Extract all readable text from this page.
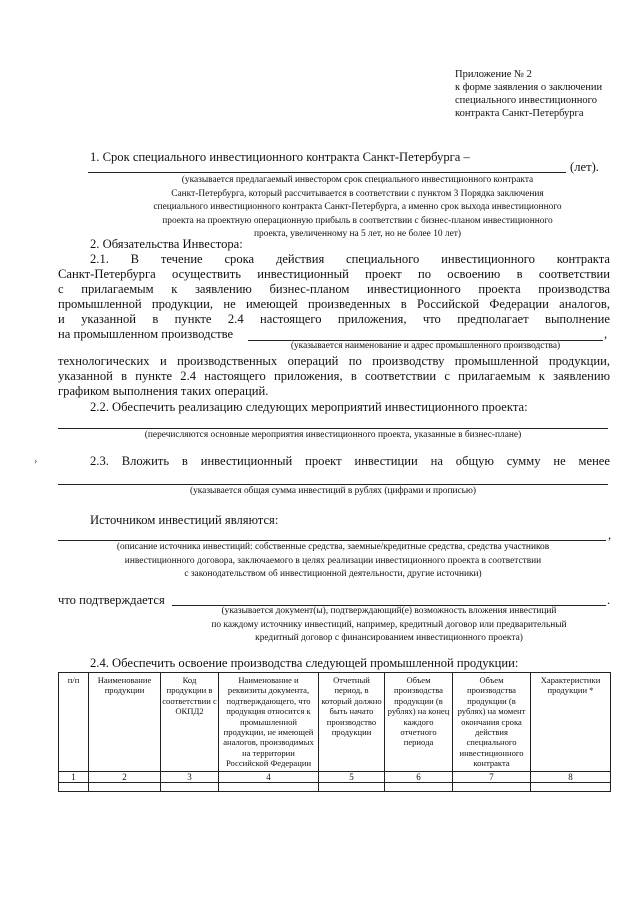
Приложение № 2
к форме заявления о заключении
специального инвестиционного
контракта Санкт-Петербурга
1. Срок специального инвестиционного контракта Санкт-Петербурга –
(лет).
(указывается предлагаемый инвестором срок специального инвестиционного контракта
Санкт-Петербурга, который рассчитывается в соответствии с пунктом 3 Порядка заключения
специального инвестиционного контракта Санкт-Петербурга, а именно срок выхода инвестиционного
проекта на проектную операционную прибыль в соответствии с бизнес-планом инвестиционного
проекта, увеличенному на 5 лет, но не более 10 лет)
2. Обязательства Инвестора:
2.1. В течение срока действия специального инвестиционного контракта
Санкт-Петербурга осуществить инвестиционный проект по освоению в соответствии
с прилагаемым к заявлению бизнес-планом инвестиционного проекта производства
промышленной продукции, не имеющей произведенных в Российской Федерации аналогов,
и указанной в пункте 2.4 настоящего приложения, что предполагает выполнение
на промышленном производстве	,
(указывается наименование и адрес промышленного производства)
технологических и производственных операций по производству промышленной продукции,
указанной в пункте 2.4 настоящего приложения, в соответствии с прилагаемым к заявлению
графиком выполнения таких операций.
2.2. Обеспечить реализацию следующих мероприятий инвестиционного проекта:
(перечисляются основные мероприятия инвестиционного проекта, указанные в бизнес-плане)
›	2.3. Вложить в инвестиционный проект инвестиции на общую сумму не менее
(указывается общая сумма инвестиций в рублях (цифрами и прописью)
Источником инвестиций являются:
,
(описание источника инвестиций: собственные средства, заемные/кредитные средства, средства участников
инвестиционного договора, заключаемого в целях реализации инвестиционного проекта в соответствии
с законодательством об инвестиционной деятельности, другие источники)
что подтверждается	.
(указывается документ(ы), подтверждающий(е) возможность вложения инвестиций
по каждому источнику инвестиций, например, кредитный договор или предварительный
кредитный договор с финансированием инвестиционного проекта)
2.4. Обеспечить освоение производства следующей промышленной продукции:
п/п	Наименование продукции	Код продукции в соответствии с ОКПД2	Наименование и реквизиты документа, подтверждающего, что продукция относится к промышленной продукции, не имеющей аналогов, производимых на территории Российской Федерации	Отчетный период, в который должно быть начато производство продукции	Объем производства продукции (в рублях) на конец каждого отчетного периода	Объем производства продукции (в рублях) на момент окончания срока действия специального инвестиционного контракта	Характеристики продукции *
1	2	3	4	5	6	7	8
